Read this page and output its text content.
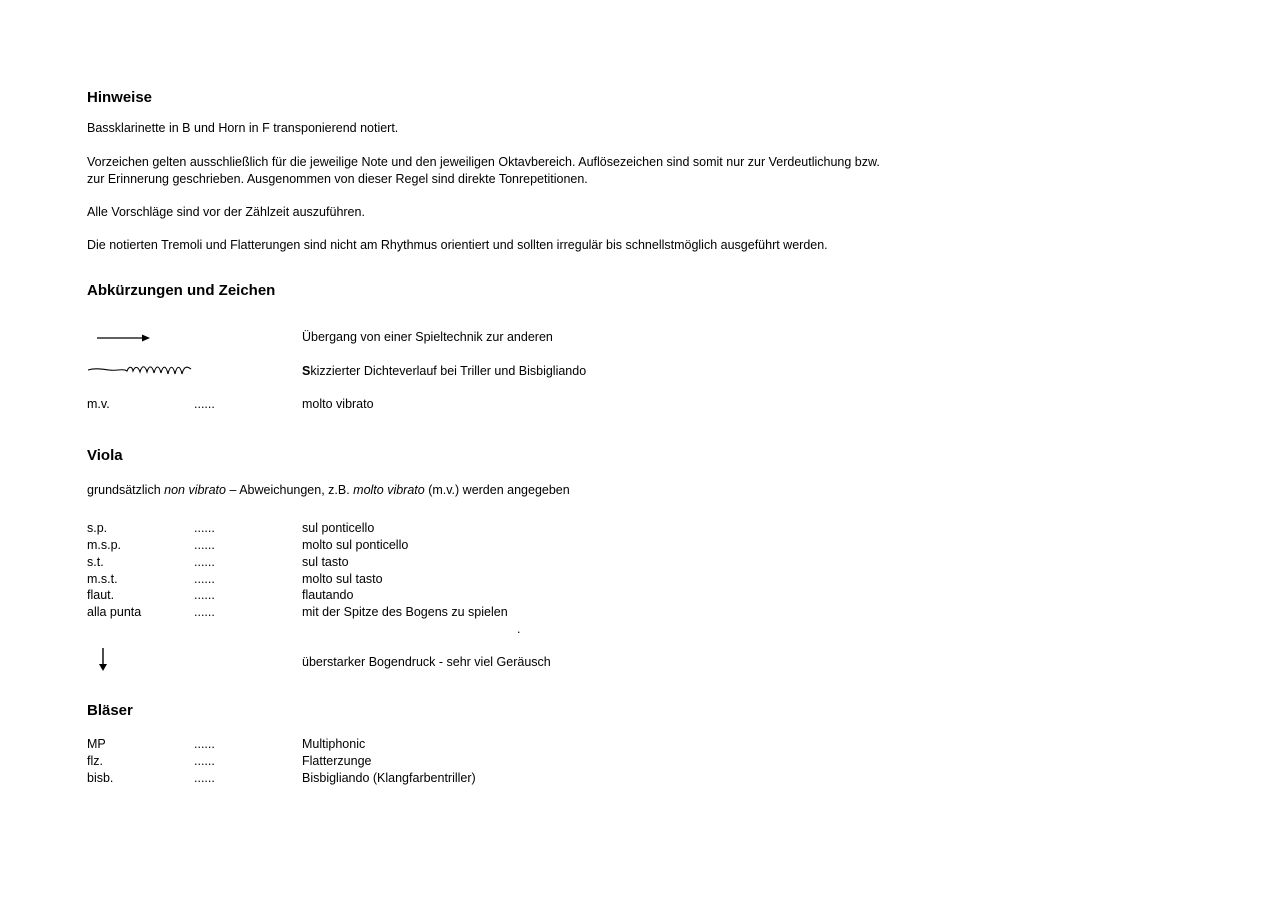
Hinweise
Bassklarinette in B und Horn in F transponierend notiert.
Vorzeichen gelten ausschließlich für die jeweilige Note und den jeweiligen Oktavbereich. Auflösezeichen sind somit nur zur Verdeutlichung bzw.
zur Erinnerung geschrieben. Ausgenommen von dieser Regel sind direkte Tonrepetitionen.
Alle Vorschläge sind vor der Zählzeit auszuführen.
Die notierten Tremoli und Flatterungen sind nicht am Rhythmus orientiert und sollten irregulär bis schnellstmöglich ausgeführt werden.
Abkürzungen und Zeichen
Übergang von einer Spieltechnik zur anderen
Skizzierter Dichteverlauf bei Triller und Bisbigliando
m.v.	......	molto vibrato
Viola
grundsätzlich non vibrato – Abweichungen, z.B. molto vibrato (m.v.) werden angegeben
s.p.	......	sul ponticello
m.s.p.	......	molto sul ponticello
s.t.	......	sul tasto
m.s.t.	......	molto sul tasto
flaut.	......	flautando
alla punta	......	mit der Spitze des Bogens zu spielen
.
überstarker Bogendruck - sehr viel Geräusch
Bläser
MP	......	Multiphonic
flz.	......	Flatterzunge
bisb.	......	Bisbigliando (Klangfarbentriller)
